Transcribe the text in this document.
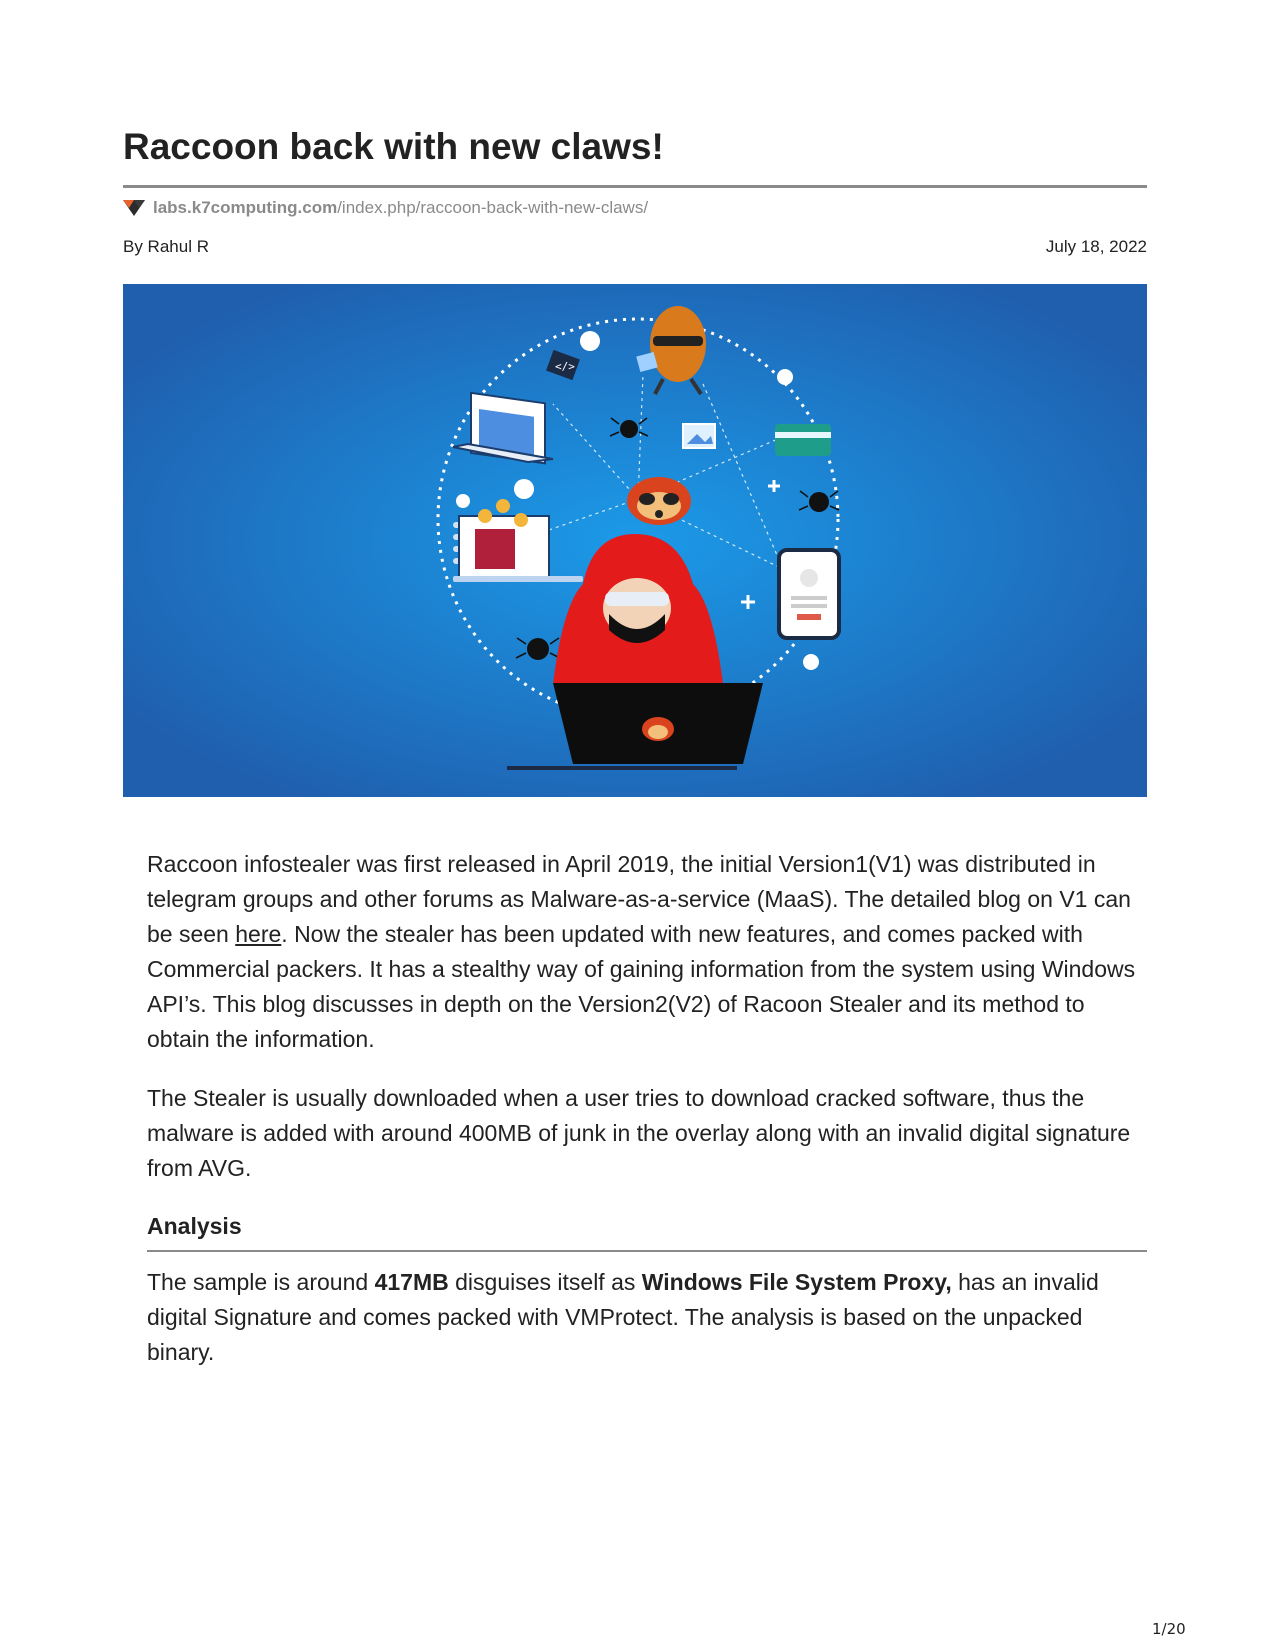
Raccoon back with new claws!
labs.k7computing.com /index.php/raccoon-back-with-new-claws/
By Rahul R	July 18, 2022
</>

Raccoon infostealer was first released in April 2019, the initial Version1(V1) was distributed in telegram groups and other forums as Malware-as-a-service (MaaS). The detailed blog on V1 can be seen here. Now the stealer has been updated with new features, and comes packed with Commercial packers. It has a stealthy way of gaining information from the system using Windows API’s. This blog discusses in depth on the Version2(V2) of Racoon Stealer and its method to obtain the information.

The Stealer is usually downloaded when a user tries to download cracked software, thus the malware is added with around 400MB of junk in the overlay along with an invalid digital signature from AVG.

Analysis

The sample is around 417MB disguises itself as Windows File System Proxy, has an invalid digital Signature and comes packed with VMProtect. The analysis is based on the unpacked binary.

1/20
